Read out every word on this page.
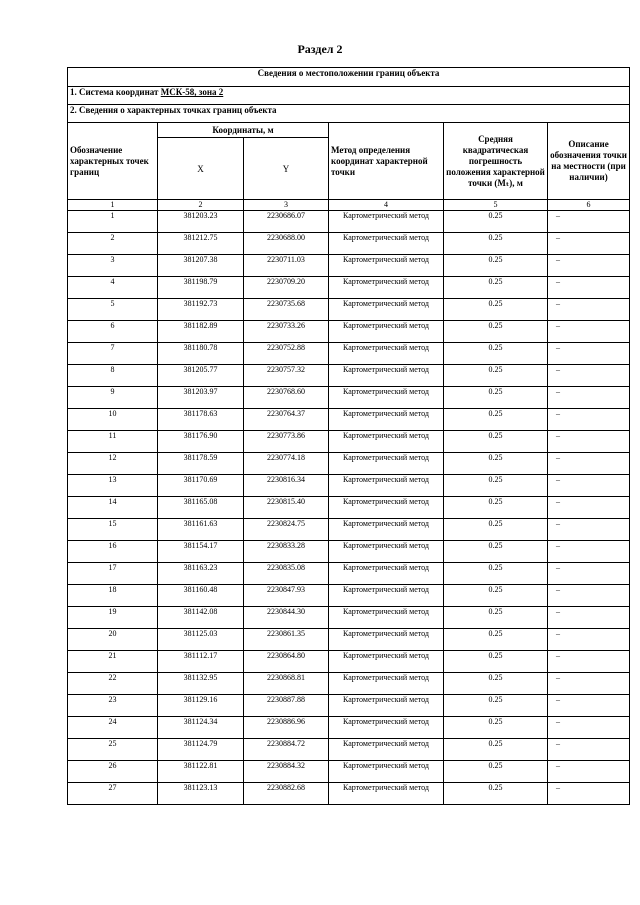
Раздел 2
Сведения о местоположении границ объекта					
1. Система координат МСК-58, зона 2					
2. Сведения о характерных точках границ объекта					
Обозначение характерных точек границ	Координаты, м		Метод определения координат характерной точки	Средняя квадратическая погрешность положения характерной точки (Mₜ), м	Описание обозначения точки на местности (при наличии)
	X	Y			
1	2	3	4	5	6
1	381203.23	2230686.07	Картометрический метод	0.25	–
2	381212.75	2230688.00	Картометрический метод	0.25	–
3	381207.38	2230711.03	Картометрический метод	0.25	–
4	381198.79	2230709.20	Картометрический метод	0.25	–
5	381192.73	2230735.68	Картометрический метод	0.25	–
6	381182.89	2230733.26	Картометрический метод	0.25	–
7	381180.78	2230752.88	Картометрический метод	0.25	–
8	381205.77	2230757.32	Картометрический метод	0.25	–
9	381203.97	2230768.60	Картометрический метод	0.25	–
10	381178.63	2230764.37	Картометрический метод	0.25	–
11	381176.90	2230773.86	Картометрический метод	0.25	–
12	381178.59	2230774.18	Картометрический метод	0.25	–
13	381170.69	2230816.34	Картометрический метод	0.25	–
14	381165.08	2230815.40	Картометрический метод	0.25	–
15	381161.63	2230824.75	Картометрический метод	0.25	–
16	381154.17	2230833.28	Картометрический метод	0.25	–
17	381163.23	2230835.08	Картометрический метод	0.25	–
18	381160.48	2230847.93	Картометрический метод	0.25	–
19	381142.08	2230844.30	Картометрический метод	0.25	–
20	381125.03	2230861.35	Картометрический метод	0.25	–
21	381112.17	2230864.80	Картометрический метод	0.25	–
22	381132.95	2230868.81	Картометрический метод	0.25	–
23	381129.16	2230887.88	Картометрический метод	0.25	–
24	381124.34	2230886.96	Картометрический метод	0.25	–
25	381124.79	2230884.72	Картометрический метод	0.25	–
26	381122.81	2230884.32	Картометрический метод	0.25	–
27	381123.13	2230882.68	Картометрический метод	0.25	–
